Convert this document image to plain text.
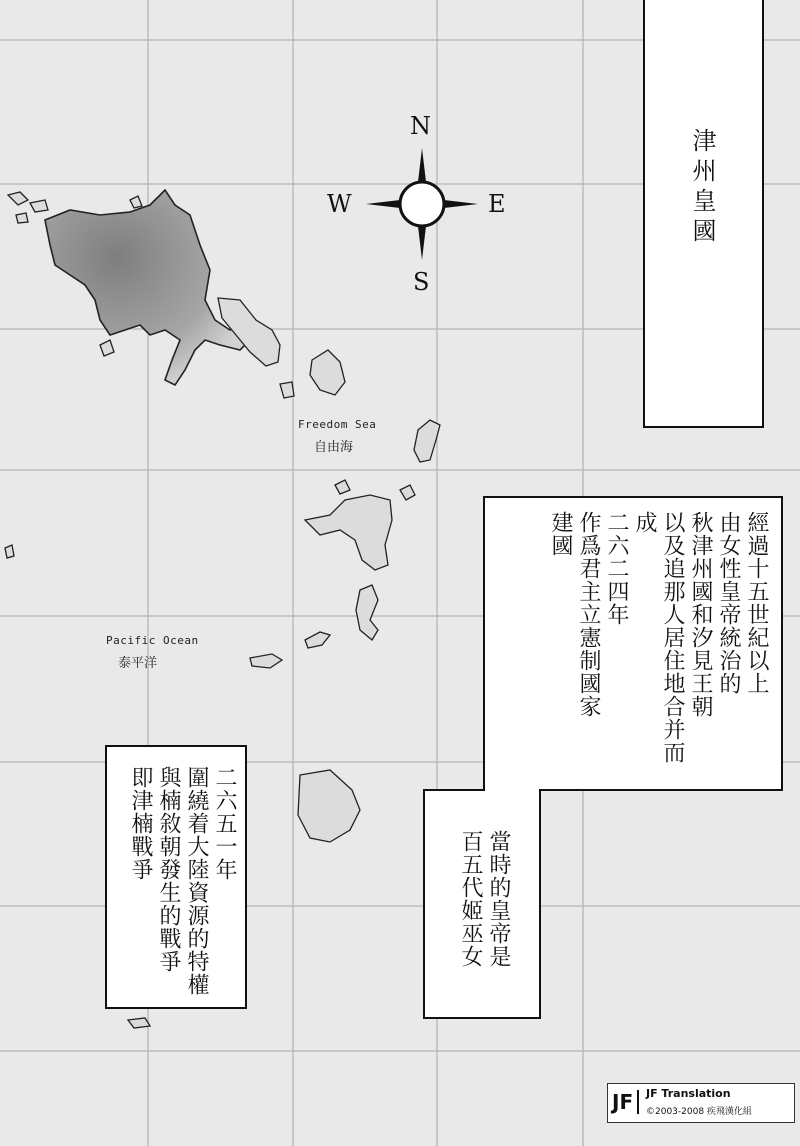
N
S
E
W
Freedom Sea
自由海
Pacific Ocean
泰平洋
津州皇國
經過十五世紀以上
由女性皇帝統治的
秋津州國和汐見王朝
以及追那人居住地合并而成
二六二四年
作爲君主立憲制國家
建國
當時的皇帝是
百五代姬巫女
二六五一年
圍繞着大陸資源的特權
與楠敘朝發生的戰爭
即津楠戰爭
JF	JF Translation
©2003-2008 疾飛漢化組
